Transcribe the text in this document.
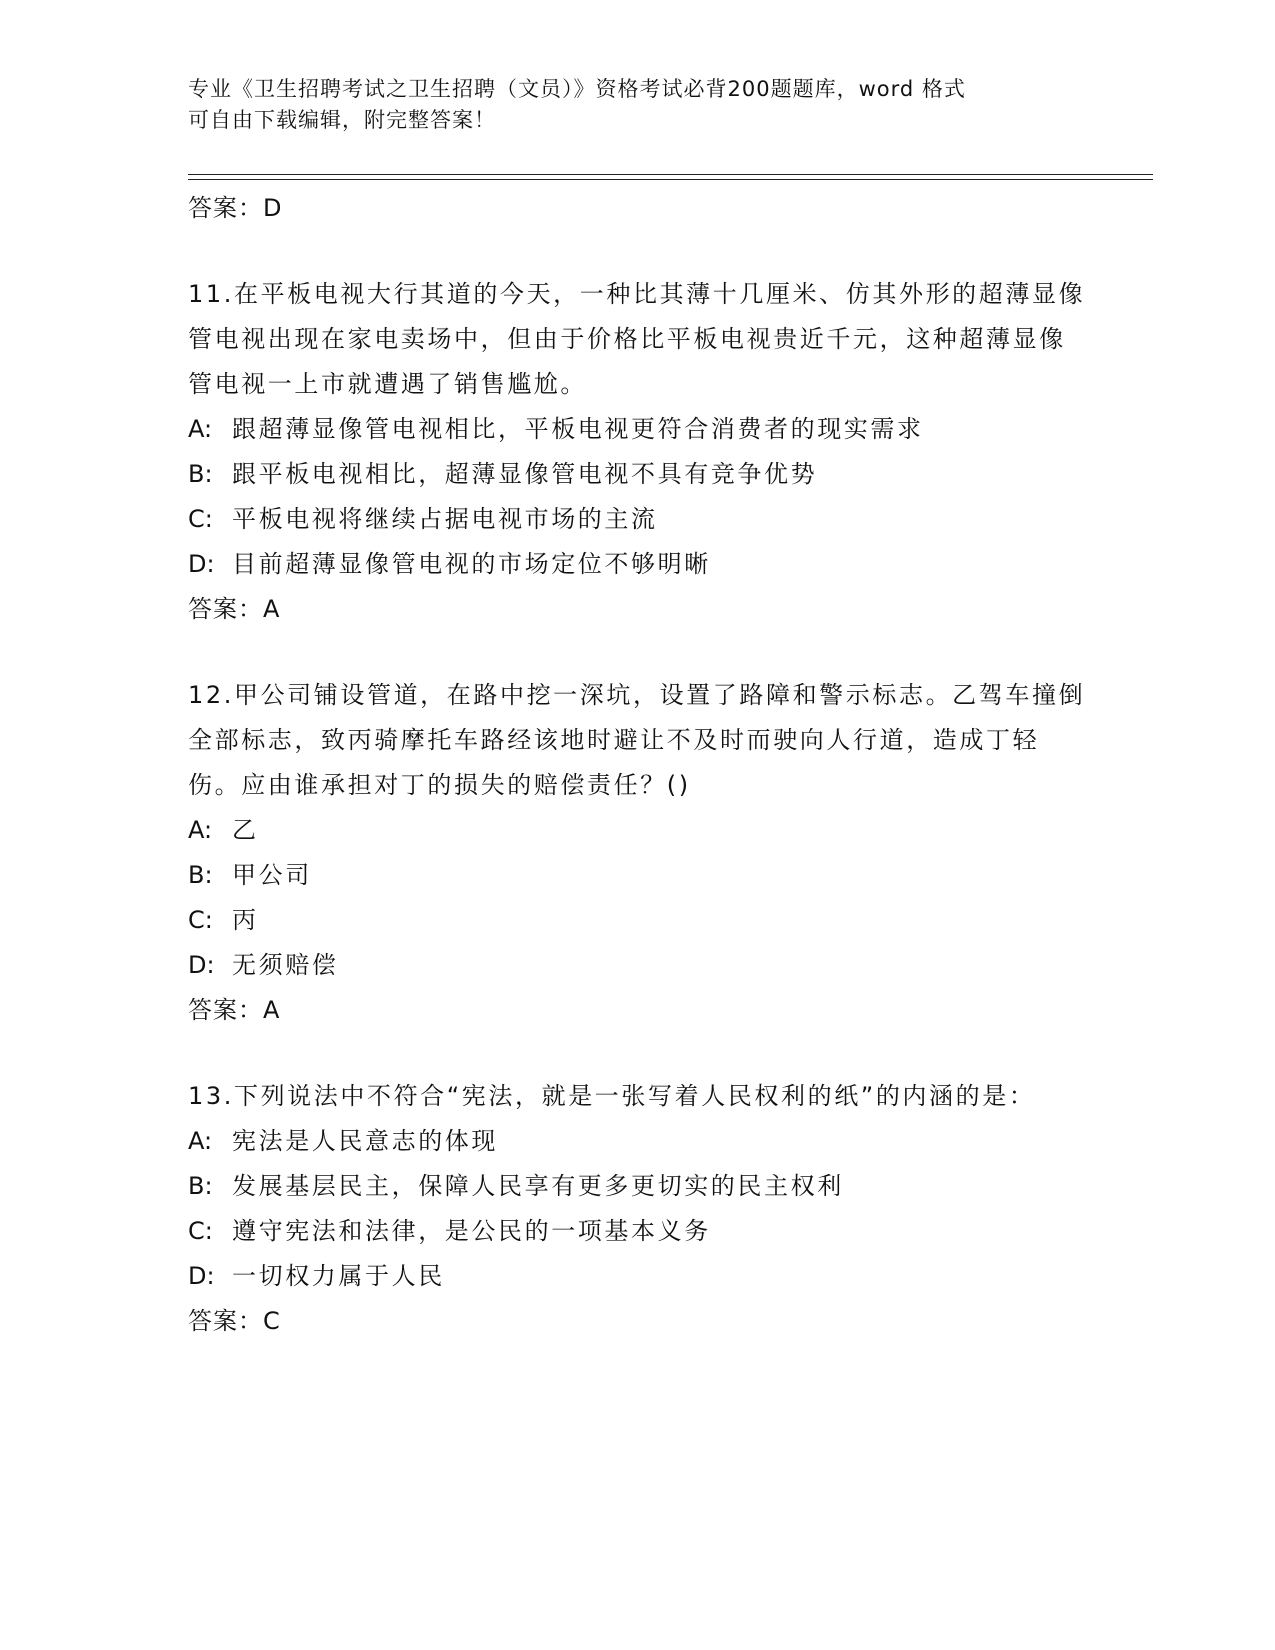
专业《卫生招聘考试之卫生招聘（文员）》资格考试必背200题题库，word 格式
可自由下载编辑，附完整答案！
答案：D
11.在平板电视大行其道的今天，一种比其薄十几厘米、仿其外形的超薄显像管电视出现在家电卖场中，但由于价格比平板电视贵近千元，这种超薄显像管电视一上市就遭遇了销售尴尬。
A: 跟超薄显像管电视相比，平板电视更符合消费者的现实需求
B: 跟平板电视相比，超薄显像管电视不具有竞争优势
C: 平板电视将继续占据电视市场的主流
D: 目前超薄显像管电视的市场定位不够明晰
答案：A
12.甲公司铺设管道，在路中挖一深坑，设置了路障和警示标志。乙驾车撞倒全部标志，致丙骑摩托车路经该地时避让不及时而驶向人行道，造成丁轻伤。应由谁承担对丁的损失的赔偿责任？()
A: 乙
B: 甲公司
C: 丙
D: 无须赔偿
答案：A
13.下列说法中不符合“宪法，就是一张写着人民权利的纸”的内涵的是：
A: 宪法是人民意志的体现
B: 发展基层民主，保障人民享有更多更切实的民主权利
C: 遵守宪法和法律，是公民的一项基本义务
D: 一切权力属于人民
答案：C
